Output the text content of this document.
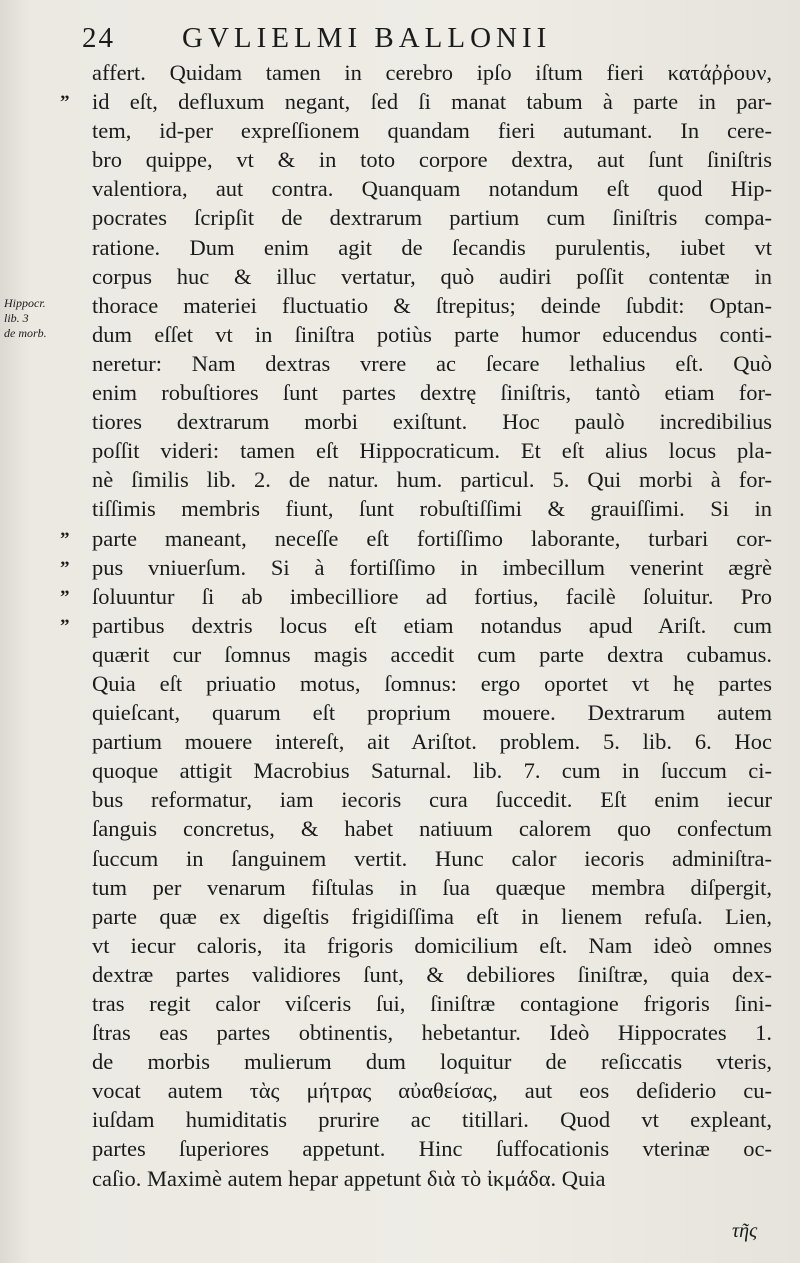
24	GVLIELMI BALLONII
Hippocr.
lib. 3
de morb.
”
”
”
”
”
affert. Quidam tamen in cerebro ipſo iſtum fieri κατάῤῥουν,
id eſt, defluxum negant, ſed ſi manat tabum à parte in par-
tem, id-per expreſſionem quandam fieri autumant. In cere-
bro quippe, vt & in toto corpore dextra, aut ſunt ſiniſtris
valentiora, aut contra. Quanquam notandum eſt quod Hip-
pocrates ſcripſit de dextrarum partium cum ſiniſtris compa-
ratione. Dum enim agit de ſecandis purulentis, iubet vt
corpus huc & illuc vertatur, quò audiri poſſit contentæ in
thorace materiei fluctuatio & ſtrepitus; deinde ſubdit: Optan-
dum eſſet vt in ſiniſtra potiùs parte humor educendus conti-
neretur: Nam dextras vrere ac ſecare lethalius eſt. Quò
enim robuſtiores ſunt partes dextrę ſiniſtris, tantò etiam for-
tiores dextrarum morbi exiſtunt. Hoc paulò incredibilius
poſſit videri: tamen eſt Hippocraticum. Et eſt alius locus pla-
nè ſimilis lib. 2. de natur. hum. particul. 5. Qui morbi à for-
tiſſimis membris fiunt, ſunt robuſtiſſimi & grauiſſimi. Si in
parte maneant, neceſſe eſt fortiſſimo laborante, turbari cor-
pus vniuerſum. Si à fortiſſimo in imbecillum venerint ægrè
ſoluuntur ſi ab imbecilliore ad fortius, facilè ſoluitur. Pro
partibus dextris locus eſt etiam notandus apud Ariſt. cum
quærit cur ſomnus magis accedit cum parte dextra cubamus.
Quia eſt priuatio motus, ſomnus: ergo oportet vt hę partes
quieſcant, quarum eſt proprium mouere. Dextrarum autem
partium mouere intereſt, ait Ariſtot. problem. 5. lib. 6. Hoc
quoque attigit Macrobius Saturnal. lib. 7. cum in ſuccum ci-
bus reformatur, iam iecoris cura ſuccedit. Eſt enim iecur
ſanguis concretus, & habet natiuum calorem quo confectum
ſuccum in ſanguinem vertit. Hunc calor iecoris adminiſtra-
tum per venarum fiſtulas in ſua quæque membra diſpergit,
parte quæ ex digeſtis frigidiſſima eſt in lienem refuſa. Lien,
vt iecur caloris, ita frigoris domicilium eſt. Nam ideò omnes
dextræ partes validiores ſunt, & debiliores ſiniſtræ, quia dex-
tras regit calor viſceris ſui, ſiniſtræ contagione frigoris ſini-
ſtras eas partes obtinentis, hebetantur. Ideò Hippocrates 1.
de morbis mulierum dum loquitur de reſiccatis vteris,
vocat autem τὰς μήτρας αὐαθείσας, aut eos deſiderio cu-
iuſdam humiditatis prurire ac titillari. Quod vt expleant,
partes ſuperiores appetunt. Hinc ſuffocationis vterinæ oc-
caſio. Maximè autem hepar appetunt διὰ τὸ ἰκμάδα. Quia
τῆς
